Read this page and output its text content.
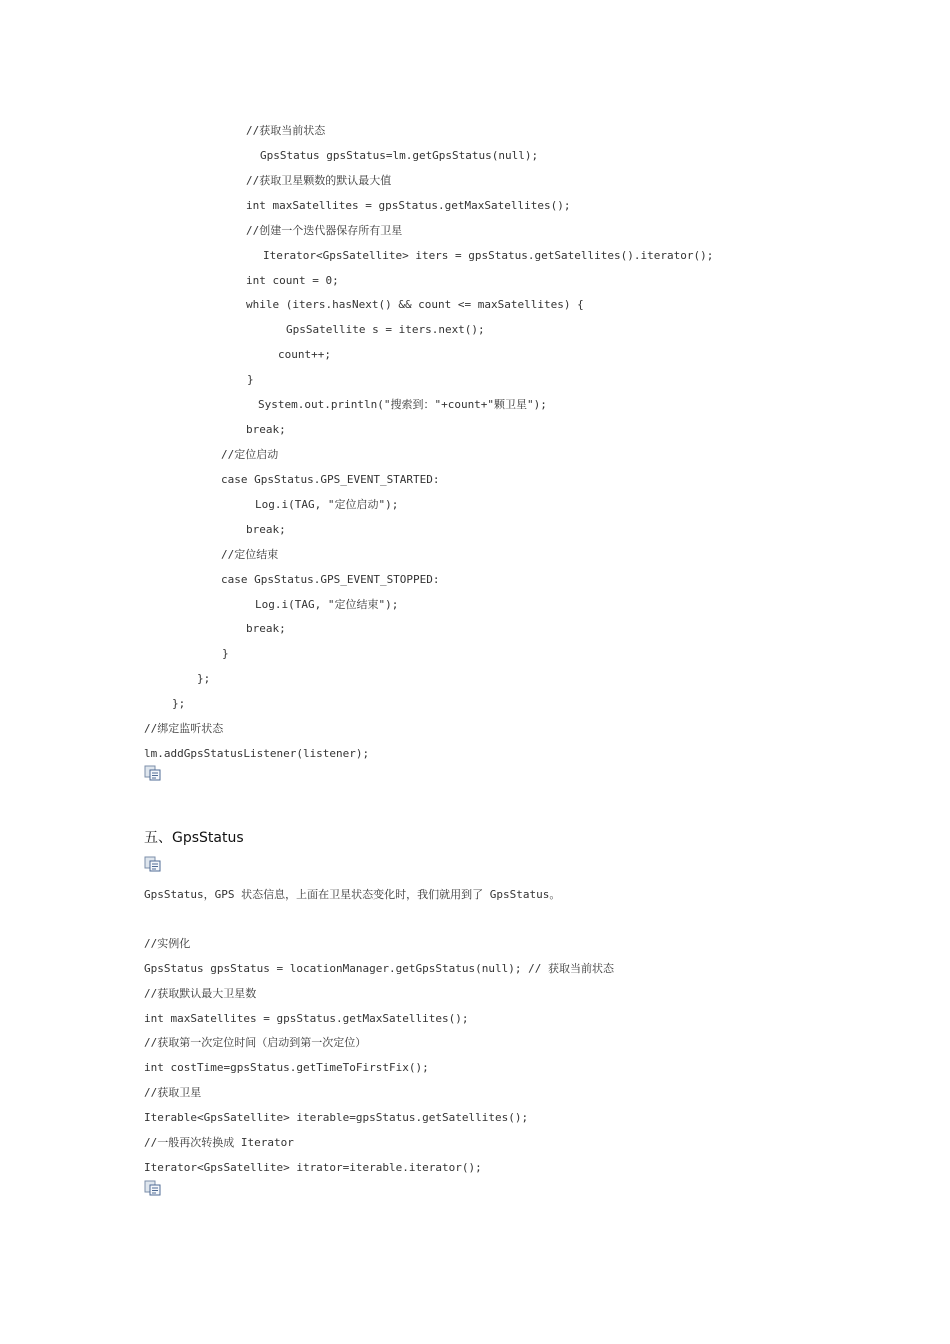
//获取当前状态
GpsStatus gpsStatus=lm.getGpsStatus(null);
//获取卫星颗数的默认最大值
int maxSatellites = gpsStatus.getMaxSatellites();
//创建一个迭代器保存所有卫星
Iterator<GpsSatellite> iters = gpsStatus.getSatellites().iterator();
int count = 0;
while (iters.hasNext() && count <= maxSatellites) {
GpsSatellite s = iters.next();
count++;
}
System.out.println("搜索到："+count+"颗卫星");
break;
//定位启动
case GpsStatus.GPS_EVENT_STARTED:
Log.i(TAG, "定位启动");
break;
//定位结束
case GpsStatus.GPS_EVENT_STOPPED:
Log.i(TAG, "定位结束");
break;
}
};
};
//绑定监听状态
lm.addGpsStatusListener(listener);
五、GpsStatus
GpsStatus，GPS 状态信息，上面在卫星状态变化时，我们就用到了 GpsStatus。
//实例化
GpsStatus gpsStatus = locationManager.getGpsStatus(null); // 获取当前状态
//获取默认最大卫星数
int maxSatellites = gpsStatus.getMaxSatellites();
//获取第一次定位时间（启动到第一次定位）
int costTime=gpsStatus.getTimeToFirstFix();
//获取卫星
Iterable<GpsSatellite> iterable=gpsStatus.getSatellites();
//一般再次转换成 Iterator
Iterator<GpsSatellite> itrator=iterable.iterator();
